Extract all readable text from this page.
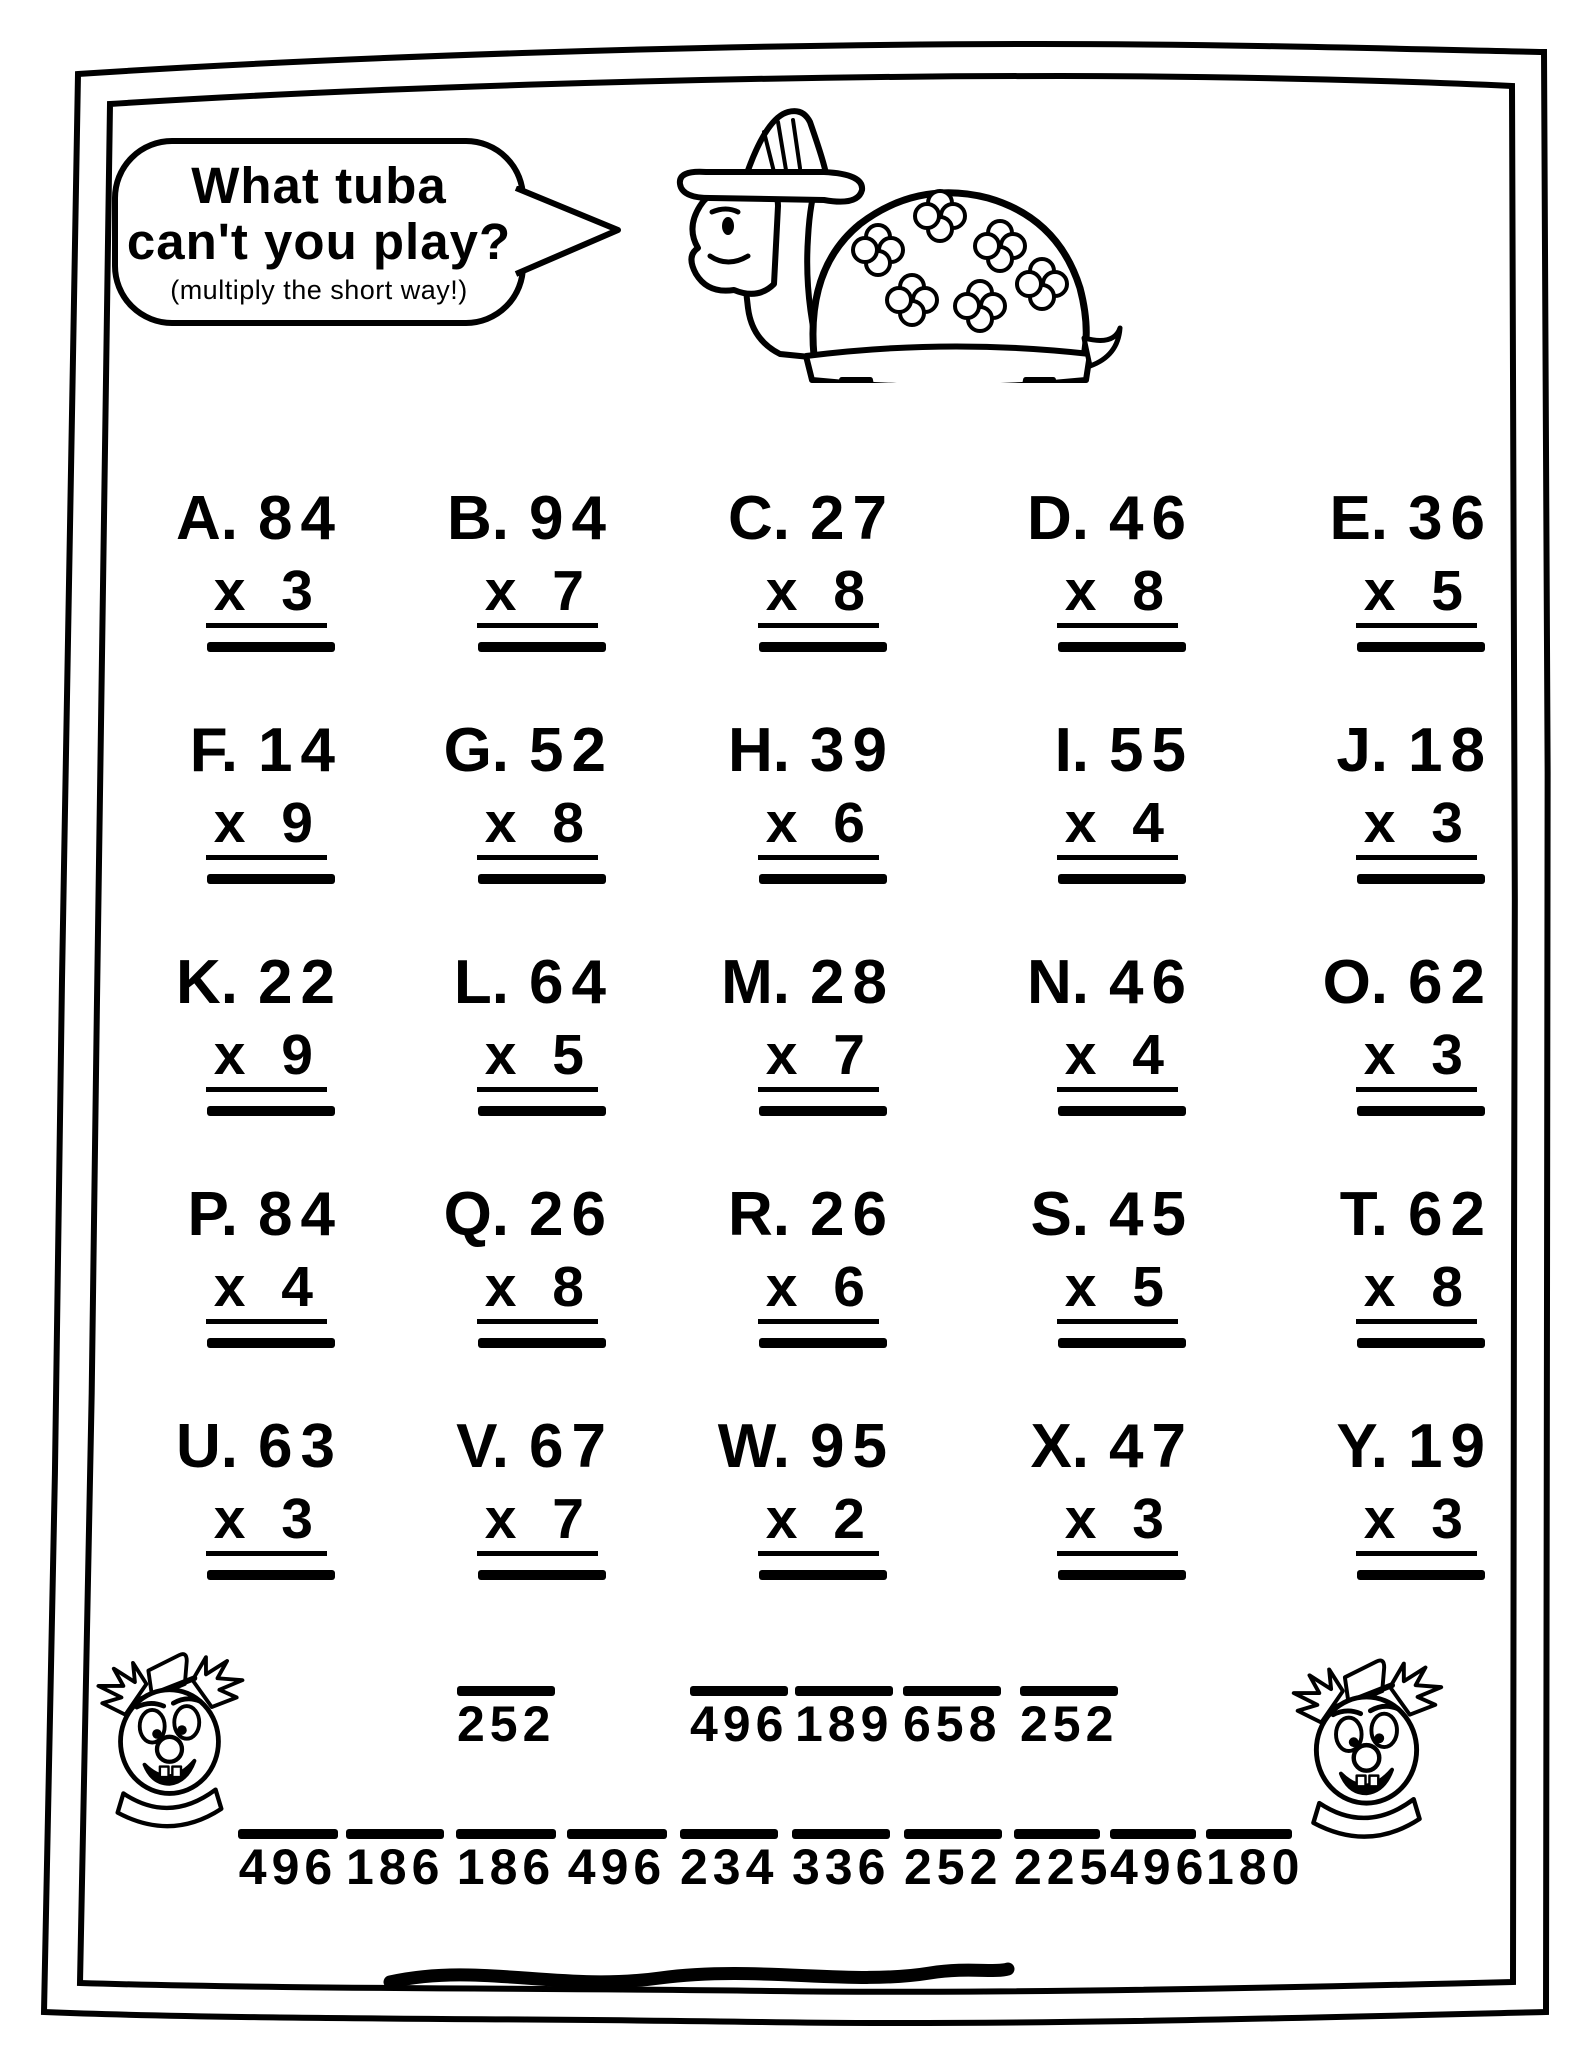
What tuba
can't you play?
(multiply the short way!)
A. 84
x 3
B. 94
x 7
C. 27
x 8
D. 46
x 8
E. 36
x 5
F. 14
x 9
G. 52
x 8
H. 39
x 6
I. 55
x 4
J. 18
x 3
K. 22
x 9
L. 64
x 5
M. 28
x 7
N. 46
x 4
O. 62
x 3
P. 84
x 4
Q. 26
x 8
R. 26
x 6
S. 45
x 5
T. 62
x 8
U. 63
x 3
V. 67
x 7
W. 95
x 2
X. 47
x 3
Y. 19
x 3
252	496 189 658 252
496 186 186 496 234 336 252 225
496
180
